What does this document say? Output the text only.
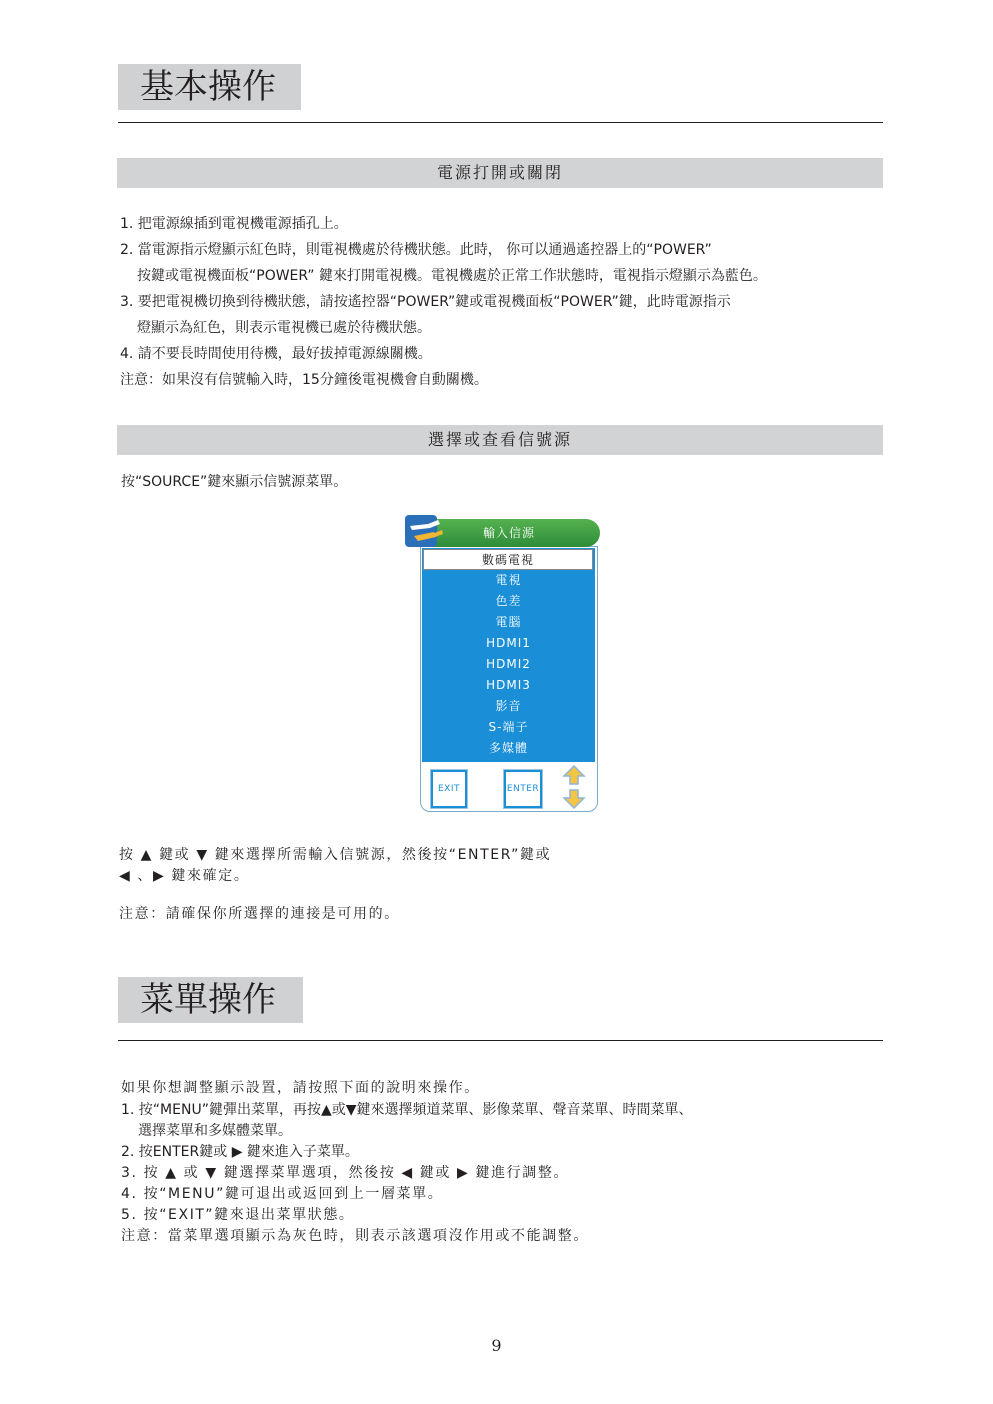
基本操作
電源打開或關閉
1. 把電源線插到電視機電源插孔上。
2. 當電源指示燈顯示紅色時，則電視機處於待機狀態。此時， 你可以通過遙控器上的“POWER”
按鍵或電視機面板“POWER” 鍵來打開電視機。電視機處於正常工作狀態時，電視指示燈顯示為藍色。
3. 要把電視機切換到待機狀態，請按遙控器“POWER”鍵或電視機面板“POWER”鍵，此時電源指示
燈顯示為紅色，則表示電視機已處於待機狀態。
4. 請不要長時間使用待機，最好拔掉電源線關機。
注意：如果沒有信號輸入時，15分鐘後電視機會自動關機。
選擇或查看信號源
按“SOURCE”鍵來顯示信號源菜單。
輸入信源
數碼電視
電視
色差
電腦
HDMI1
HDMI2
HDMI3
影音
S-端子
多媒體
EXIT	ENTER
按 ▲ 鍵或 ▼ 鍵來選擇所需輸入信號源，然後按“ENTER”鍵或
◀ 、▶ 鍵來確定。
注意：請確保你所選擇的連接是可用的。
菜單操作
如果你想調整顯示設置，請按照下面的說明來操作。
1. 按“MENU”鍵彈出菜單，再按▲或▼鍵來選擇頻道菜單、影像菜單、聲音菜單、時間菜單、
選擇菜單和多媒體菜單。
2. 按ENTER鍵或 ▶ 鍵來進入子菜單。
3. 按 ▲ 或 ▼ 鍵選擇菜單選項，然後按 ◀ 鍵或 ▶ 鍵進行調整。
4. 按“MENU”鍵可退出或返回到上一層菜單。
5. 按“EXIT”鍵來退出菜單狀態。
注意：當菜單選項顯示為灰色時，則表示該選項沒作用或不能調整。
9
